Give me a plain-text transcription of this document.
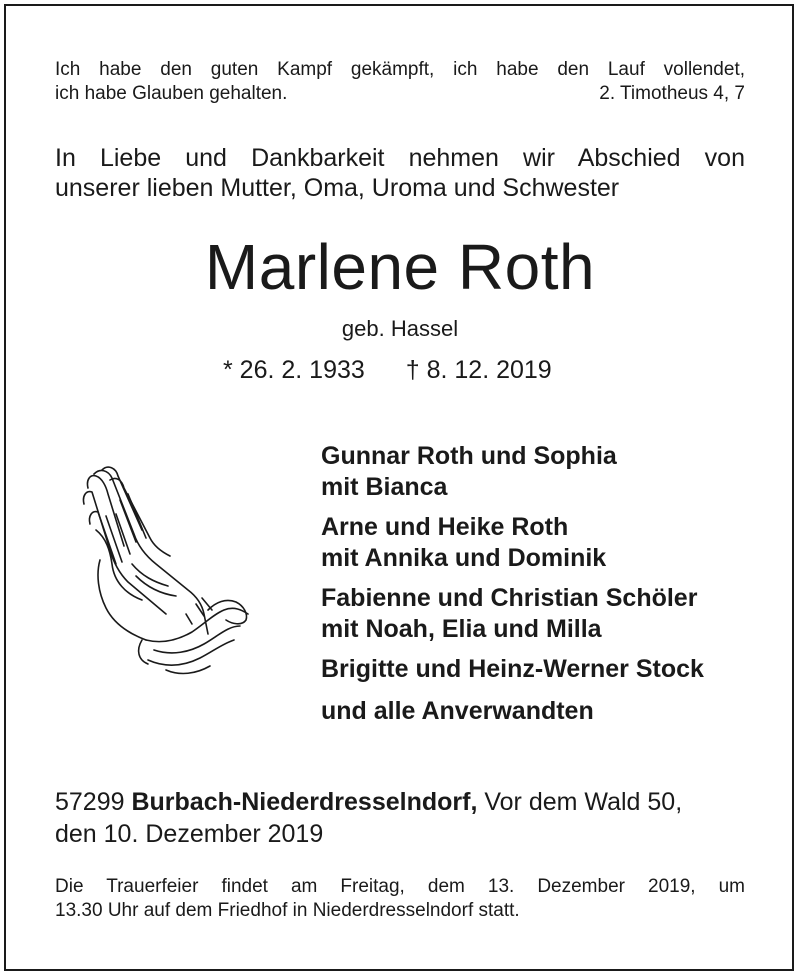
Ich habe den guten Kampf gekämpft, ich habe den Lauf vollendet,
ich habe Glauben gehalten.	2. Timotheus 4, 7
In Liebe und Dankbarkeit nehmen wir Abschied von
unserer lieben Mutter, Oma, Uroma und Schwester
Marlene Roth
geb. Hassel
* 26. 2. 1933 † 8. 12. 2019
Gunnar Roth und Sophia
mit Bianca
Arne und Heike Roth
mit Annika und Dominik
Fabienne und Christian Schöler
mit Noah, Elia und Milla
Brigitte und Heinz-Werner Stock
und alle Anverwandten
57299 Burbach-Niederdresselndorf, Vor dem Wald 50,
den 10. Dezember 2019
Die Trauerfeier findet am Freitag, dem 13. Dezember 2019, um
13.30 Uhr auf dem Friedhof in Niederdresselndorf statt.
